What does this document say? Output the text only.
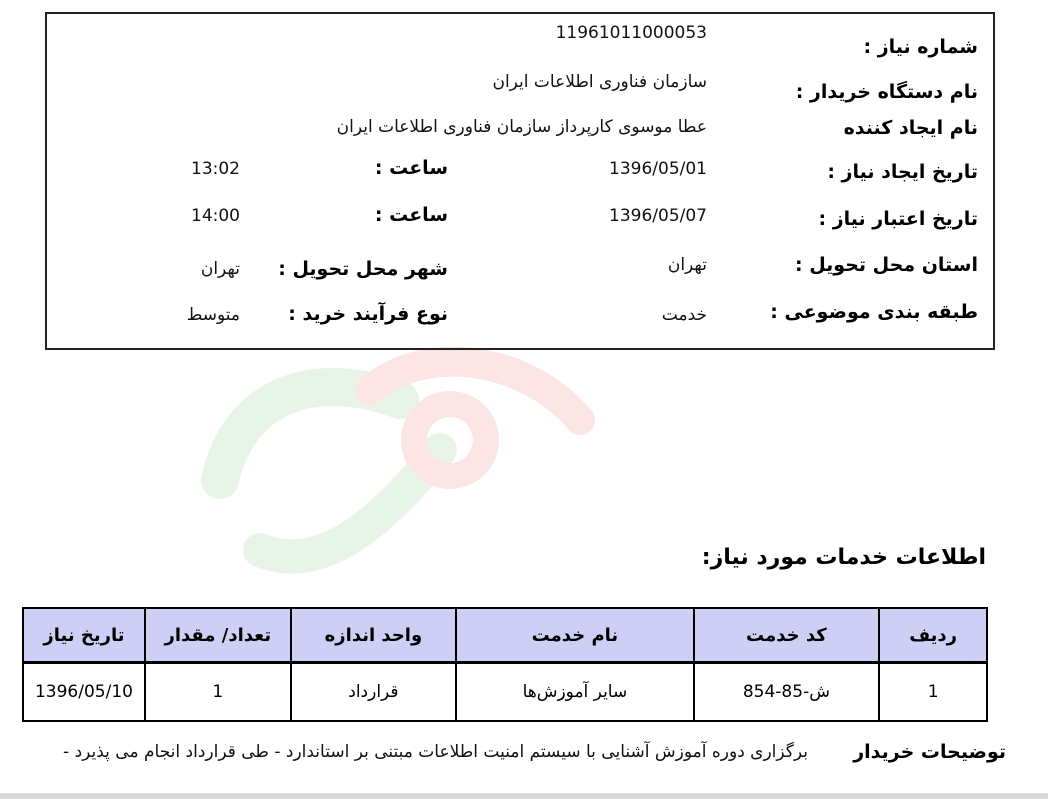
شماره نیاز :
11961011000053
نام دستگاه خریدار :
سازمان فناوری اطلاعات ایران
نام ایجاد کننده
عطا موسوی کارپرداز سازمان فناوری اطلاعات ایران
تاریخ ایجاد نیاز :
1396/05/01
ساعت :
13:02
تاریخ اعتبار نیاز :
1396/05/07
ساعت :
14:00
استان محل تحویل :
تهران
شهر محل تحویل :
تهران
طبقه بندی موضوعی :
خدمت
نوع فرآیند خرید :
متوسط
اطلاعات خدمات مورد نیاز:
ردیف	کد خدمت	نام خدمت	واحد اندازه	تعداد/ مقدار	تاریخ نیاز
1	ش-85-854	سایر آموزش‌ها	قرارداد	1	1396/05/10
توضیحات خریدار
برگزاری دوره آموزش آشنایی با سیستم امنیت اطلاعات مبتنی بر استاندارد - طی قرارداد انجام می پذیرد -
